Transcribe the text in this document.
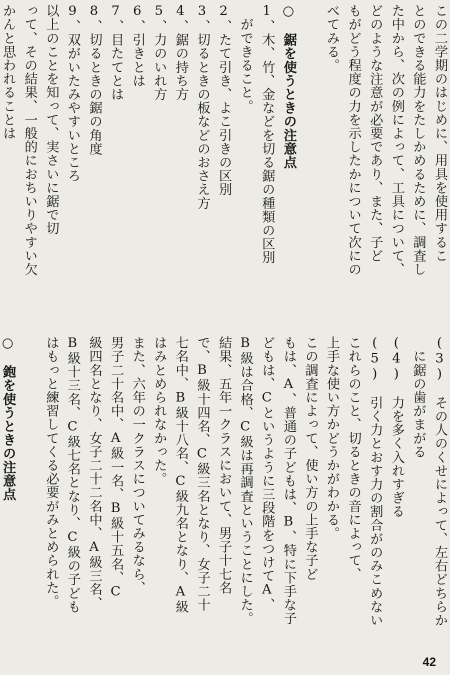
この二学期のはじめに、用具を使用するこ
とのできる能力をたしかめるために、調査し
た中から、次の例によって、工具について、
どのような注意が必要であり、また、子ど
もがどう程度の力を示したかについて次にの
べてみる。
○　鋸を使うときの注意点
1、木、竹、金などを切る鋸の種類の区別
　ができること。
2、たて引き、よこ引きの区別
3、切るときの板などのおさえ方
4、鋸の持ち方
5、力のいれ方
6、引きとは
7、目たてとは
8、切るときの鋸の角度
9、双がいたみやすいところ
以上のことを知って、実さいに鋸で切
って、その結果、一般的におちいりやすい欠
かんと思われることは
(3)　その人のくせによって、左右どちらか
　に鋸の歯がまがる
(4)　力を多く入れすぎる
(5)　引く力とおす力の割合がのみこめない
これらのこと、切るときの音によって、
上手な使い方かどうかがわかる。
この調査によって、使い方の上手な子ど
もは、A、普通の子どもは、B、特に下手な子
どもは、Cというように三段階をつけてA、
B級は合格、C級は再調査ということにした。
結果、五年一クラスにおいて、男子十七名
で、B級十四名、C級三名となり、女子二十
七名中、B級十八名、C級九名となり、A級
はみとめられなかった。
また、六年の一クラスについてみるなら、
男子二十名中、A級一名、B級十五名、C
級四名となり、女子二十二名中、A級三名、
B級十三名、C級七名となり、C級の子ども
はもっと練習してくる必要がみとめられた。
○　鉋を使うときの注意点
42
